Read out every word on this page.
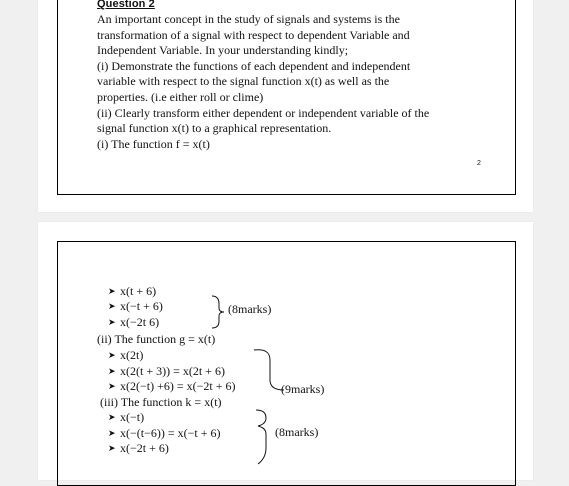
Question 2
An important concept in the study of signals and systems is the
transformation of a signal with respect to dependent Variable and
Independent Variable. In your understanding kindly;
(i) Demonstrate the functions of each dependent and independent
variable with respect to the signal function x(t) as well as the
properties. (i.e either roll or clime)
(ii) Clearly transform either dependent or independent variable of the
signal function x(t) to a graphical representation.
(i) The function f = x(t)
2
➤ x(t + 6)
➤ x(−t + 6)
➤ x(−2t 6)
(8marks)
(ii) The function g = x(t)
➤ x(2t)
➤ x(2(t + 3)) = x(2t + 6)
➤ x(2(−t) +6) = x(−2t + 6)	(9marks)
(iii) The function k = x(t)
➤ x(−t)
➤ x(−(t−6)) = x(−t + 6)
➤ x(−2t + 6)
(8marks)
